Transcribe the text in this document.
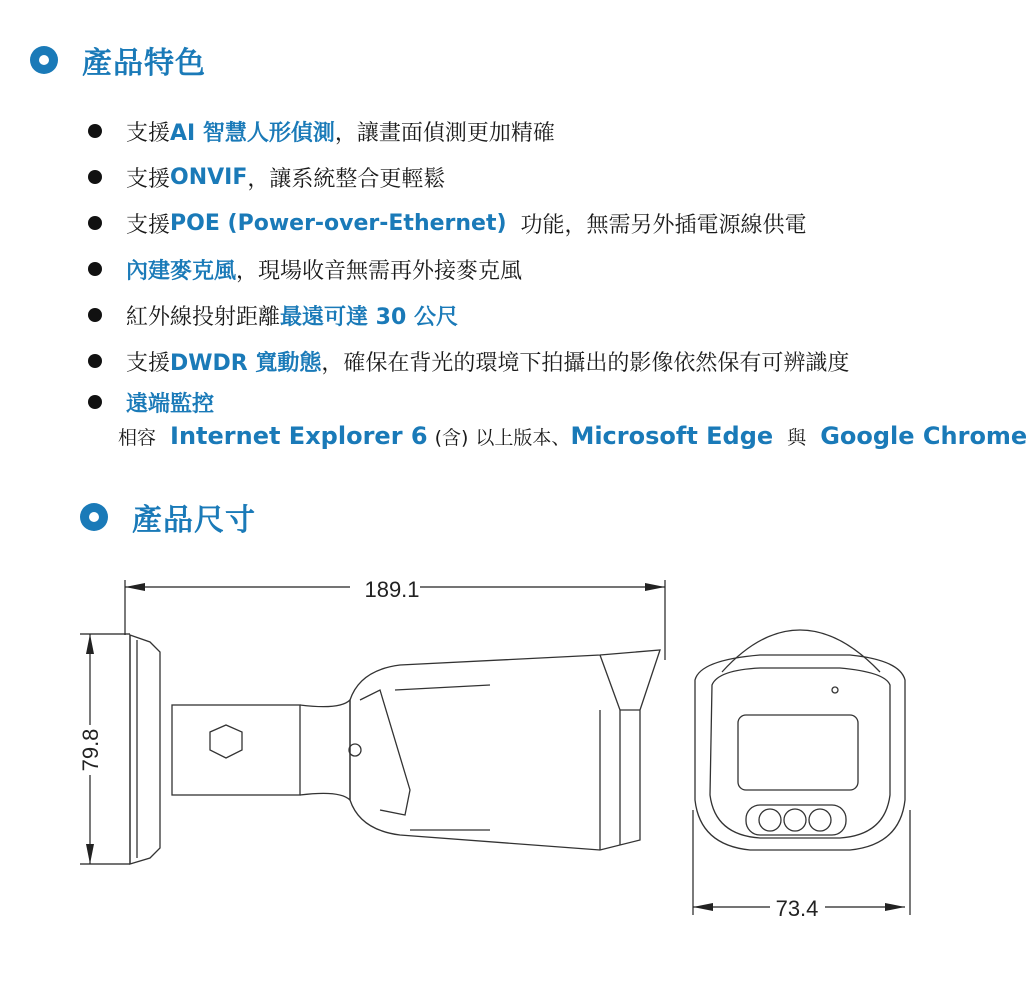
產品特色
支援 AI 智慧人形偵測 ，讓畫面偵測更加精確
支援 ONVIF ，讓系統整合更輕鬆
支援 POE (Power-over-Ethernet) 功能，無需另外插電源線供電
內建麥克風 ，現場收音無需再外接麥克風
紅外線投射距離 最遠可達 30 公尺
支援 DWDR 寬動態 ，確保在背光的環境下拍攝出的影像依然保有可辨識度
遠端監控
相容 Internet Explorer 6 (含) 以上版本、Microsoft Edge 與 Google Chrome
產品尺寸
189.1
79.8
73.4
